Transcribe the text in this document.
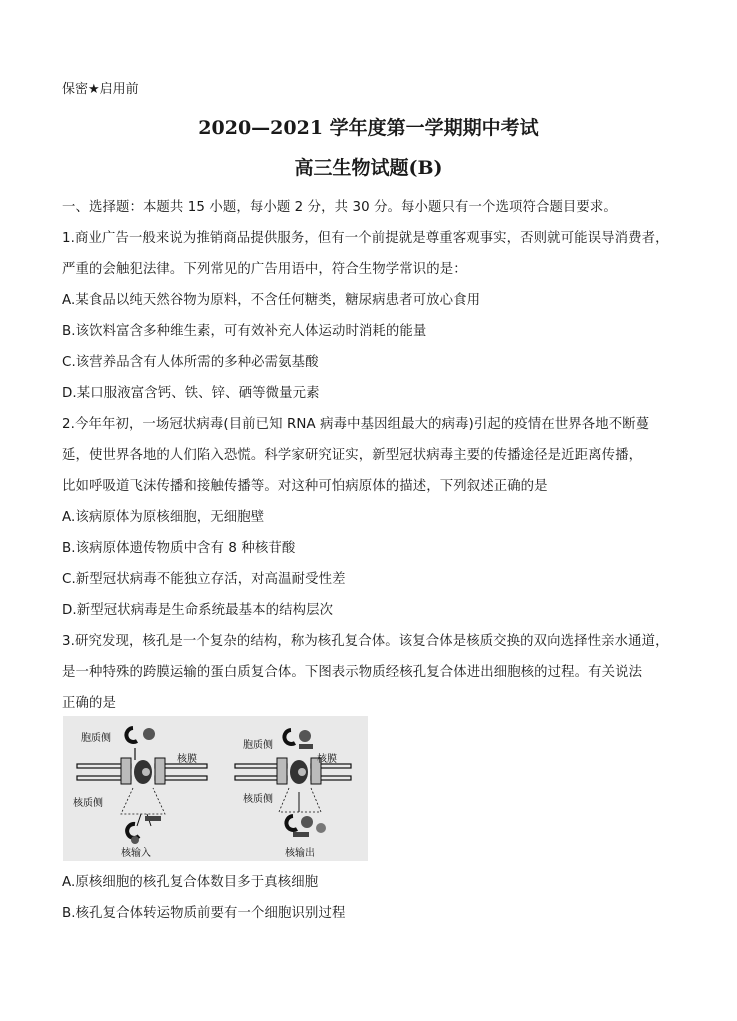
保密★启用前
2020—2021 学年度第一学期期中考试
高三生物试题(B)
一、选择题：本题共 15 小题，每小题 2 分，共 30 分。每小题只有一个选项符合题目要求。
1.商业广告一般来说为推销商品提供服务，但有一个前提就是尊重客观事实，否则就可能误导消费者，
严重的会触犯法律。下列常见的广告用语中，符合生物学常识的是：
A.某食品以纯天然谷物为原料，不含任何糖类，糖尿病患者可放心食用
B.该饮料富含多种维生素，可有效补充人体运动时消耗的能量
C.该营养品含有人体所需的多种必需氨基酸
D.某口服液富含钙、铁、锌、硒等微量元素
2.今年年初，一场冠状病毒(目前已知 RNA 病毒中基因组最大的病毒)引起的疫情在世界各地不断蔓
延，使世界各地的人们陷入恐慌。科学家研究证实，新型冠状病毒主要的传播途径是近距离传播，
比如呼吸道飞沫传播和接触传播等。对这种可怕病原体的描述，下列叙述正确的是
A.该病原体为原核细胞，无细胞壁
B.该病原体遗传物质中含有 8 种核苷酸
C.新型冠状病毒不能独立存活，对高温耐受性差
D.新型冠状病毒是生命系统最基本的结构层次
3.研究发现，核孔是一个复杂的结构，称为核孔复合体。该复合体是核质交换的双向选择性亲水通道，
是一种特殊的跨膜运输的蛋白质复合体。下图表示物质经核孔复合体进出细胞核的过程。有关说法
正确的是
胞质侧
核膜
核质侧
核输入
胞质侧
核膜
核质侧
核输出
A.原核细胞的核孔复合体数目多于真核细胞
B.核孔复合体转运物质前要有一个细胞识别过程
